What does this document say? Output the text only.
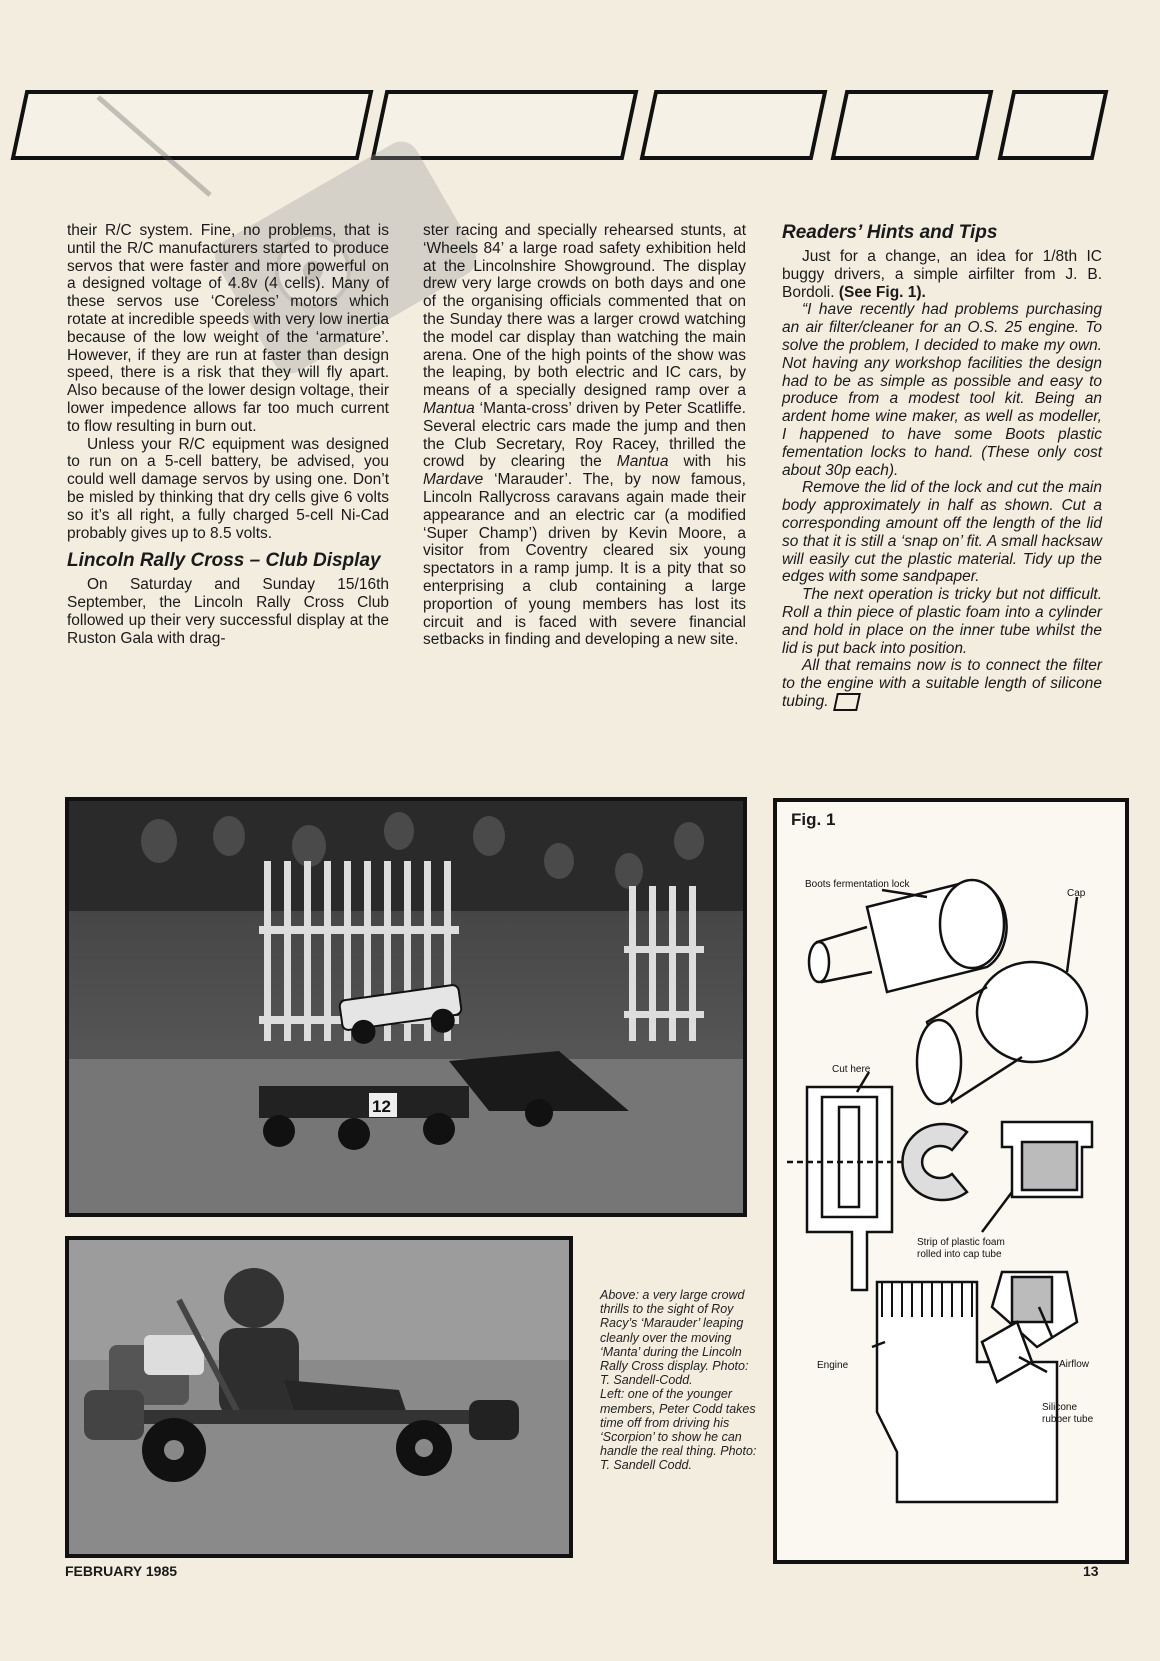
their R/C system. Fine, no problems, that is until the R/C manufacturers started to produce servos that were faster and more powerful on a designed voltage of 4.8v (4 cells). Many of these servos use ‘Coreless’ motors which rotate at incredible speeds with very low inertia because of the low weight of the ‘armature’. However, if they are run at faster than design speed, there is a risk that they will fly apart. Also because of the lower design voltage, their lower impedence allows far too much current to flow resulting in burn out.

Unless your R/C equipment was designed to run on a 5-cell battery, be advised, you could well damage servos by using one. Don’t be misled by thinking that dry cells give 6 volts so it’s all right, a fully charged 5-cell Ni-Cad probably gives up to 8.5 volts.

Lincoln Rally Cross – Club Display

On Saturday and Sunday 15/16th September, the Lincoln Rally Cross Club followed up their very successful display at the Ruston Gala with drag-

ster racing and specially rehearsed stunts, at ‘Wheels 84’ a large road safety exhibition held at the Lincolnshire Showground. The display drew very large crowds on both days and one of the organising officials commented that on the Sunday there was a larger crowd watching the model car display than watching the main arena. One of the high points of the show was the leaping, by both electric and IC cars, by means of a specially designed ramp over a Mantua ‘Manta-cross’ driven by Peter Scatliffe. Several electric cars made the jump and then the Club Secretary, Roy Racey, thrilled the crowd by clearing the Mantua with his Mardave ‘Marauder’. The, by now famous, Lincoln Rallycross caravans again made their appearance and an electric car (a modified ‘Super Champ’) driven by Kevin Moore, a visitor from Coventry cleared six young spectators in a ramp jump. It is a pity that so enterprising a club containing a large proportion of young members has lost its circuit and is faced with severe financial setbacks in finding and developing a new site.

Readers’ Hints and Tips

Just for a change, an idea for 1/8th IC buggy drivers, a simple airfilter from J. B. Bordoli. (See Fig. 1).

“I have recently had problems purchasing an air filter/cleaner for an O.S. 25 engine. To solve the problem, I decided to make my own. Not having any workshop facilities the design had to be as simple as possible and easy to produce from a modest tool kit. Being an ardent home wine maker, as well as modeller, I happened to have some Boots plastic fementation locks to hand. (These only cost about 30p each).

Remove the lid of the lock and cut the main body approximately in half as shown. Cut a corresponding amount off the length of the lid so that it is still a ‘snap on’ fit. A small hacksaw will easily cut the plastic material. Tidy up the edges with some sandpaper.

The next operation is tricky but not difficult. Roll a thin piece of plastic foam into a cylinder and hold in place on the inner tube whilst the lid is put back into position.

All that remains now is to connect the filter to the engine with a suitable length of silicone tubing.

12

Above: a very large crowd thrills to the sight of Roy Racy’s ‘Marauder’ leaping cleanly over the moving ‘Manta’ during the Lincoln Rally Cross display. Photo: T. Sandell-Codd.

Left: one of the younger members, Peter Codd takes time off from driving his ‘Scorpion’ to show he can handle the real thing. Photo: T. Sandell Codd.

Fig. 1
Boots fermentation lock
Cap
Cut here
Strip of plastic foam
rolled into cap tube
Engine	Airflow
Silicone
rubber tube
FEBRUARY 1985	13
